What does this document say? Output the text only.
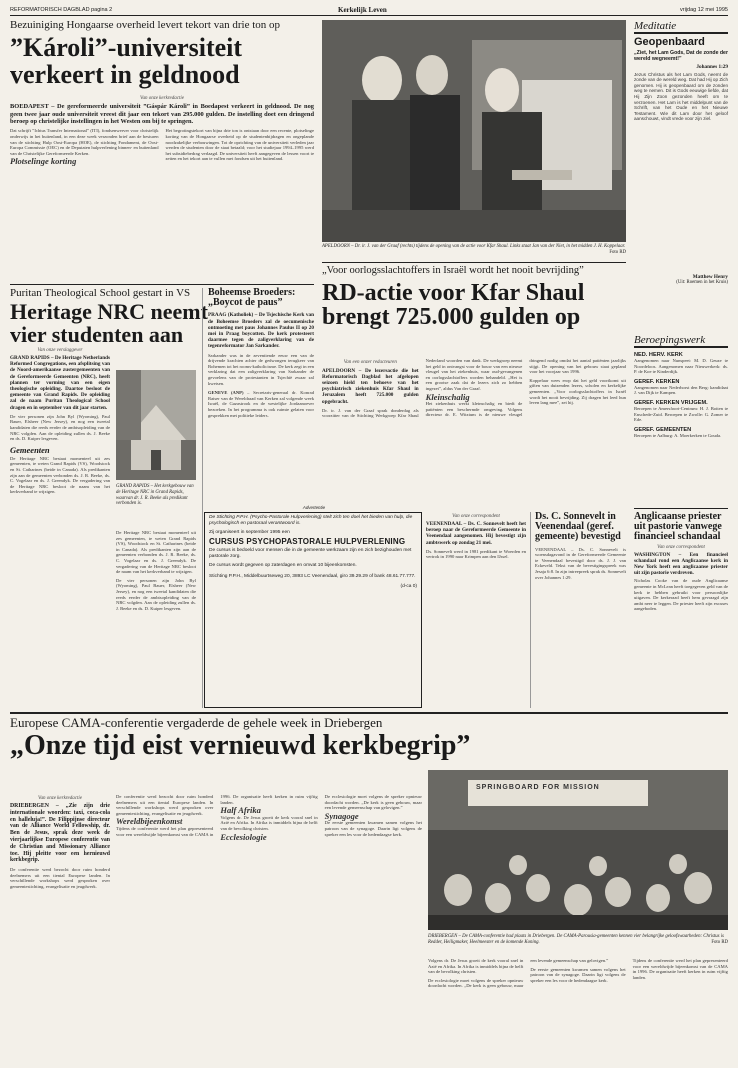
REFORMATORISCH DAGBLAD pagina 2	Kerkelijk Leven	vrijdag 12 mei 1995
Bezuiniging Hongaarse overheid levert tekort van drie ton op
”Károli”-universiteit verkeert in geldnood
Van onze kerkredactie
BOEDAPEST – De gereformeerde universiteit ”Gáspár Károli” in Boedapest verkeert in geldnood. De nog geen twee jaar oude universiteit vreest dit jaar een tekort van 295.000 gulden. De instelling doet een dringend beroep op christelijke instellingen in het Westen om bij te springen.

Dat schrijft ”Ichtus Transfer International” (ITI), fondsenwerver voor christelijk onderwijs in het buitenland, in een deze week verzonden brief aan de besturen van de stichting Hulp Oost-Europa (HOE), de stichting Fondament, de Oost-Europa Commissie (OEC) en de Deputaten hulpverlening binnen- en buitenland van de Christelijke Gereformeerde Kerken.

Plotselinge korting

Het begrotingstekort van bijna drie ton is ontstaan door een recente, plotselinge korting van de Hongaarse overheid op de studentenbijdragen en ongeplande noodzakelijke verbouwingen. Tot de oprichting van de universiteit verleden jaar werden de studenten door de staat betaald; voor het studiejaar 1994–1995 werd het subsidiebedrag verlaagd. De universiteit heeft aangegeven de lessen voort te zetten en het tekort aan te vullen met fondsen uit het buitenland.

APELDOORN – Dr. ir. J. van der Graaf (rechts) tijdens de opening van de actie voor Kfar Shaul. Links staat Jan van der Niet, in het midden J. H. Koppelaar.
Foto RD
Meditatie
Geopenbaard
„Ziet, het Lam Gods, Dat de zonde der wereld wegneemt!”
Johannes 1:29
Jezus Christus als het Lam Gods, neemt de zonde van de wereld weg. Dat had Hij op Zich genomen. Hij is geopenbaard om de zonden weg te nemen. Dit is Gods eeuwige liefde, dat Hij Zijn Zoon gezonden heeft om te verzoenen. Het Lam is het middelpunt van de Schrift, van het Oude en het Nieuwe Testament. Wie dit Lam door het geloof aanschouwt, vindt vrede voor zijn ziel.
Matthew Henry
(Uit: Roemen in het Kruis)
Beroepingswerk
NED. HERV. KERK
Aangenomen naar Nunspeet: M. D. Geuze te Noordeloos. Aangenomen naar Nieuwerkerk: ds. P. de Koe te Kinderdijk.
GEREF. KERKEN
Aangenomen naar Nederhorst den Berg: kandidaat J. van Dijk te Kampen.
GEREF. KERKEN VRIJGEM.
Beroepen te Amersfoort-Centrum: H. J. Boiten te Enschede-Zuid. Beroepen te Zwolle: G. Zomer te Ede.
GEREF. GEMEENTEN
Beroepen te Aalburg: A. Moerkerken te Gouda.
Anglicaanse priester uit pastorie vanwege financieel schandaal
Van onze correspondent
WASHINGTON – Een financieel schandaal rond een Anglicaanse kerk in New York heeft een anglicaanse priester uit zijn pastorie verdreven.
Nicholas Cooke van de oude Anglicaanse gemeente in McLean heeft toegegeven geld van de kerk te hebben gebruikt voor persoonlijke uitgaven. De kerkeraad heeft hem gevraagd zijn ambt neer te leggen. De priester heeft zijn excuses aangeboden.
Puritan Theological School gestart in VS
Heritage NRC neemt vier studenten aan
Van onze verslaggever
GRAND RAPIDS – De Heritage Netherlands Reformed Congregations, een afsplitsing van de Noord-amerikaanse zustergemeenten van de Gereformeerde Gemeenten (NRC), heeft plannen ter vorming van een eigen theologische opleiding. Daartoe besloot de gemeente van Grand Rapids. De opleiding zal de naam Puritan Theological School dragen en in september van dit jaar starten.
De vier personen zijn John Byl (Wyoming), Paul Bauer, Elsheer (New Jersey), en nog een tweetal kandidaten die reeds eerder de ambtsopleiding van de NRC volgden. Aan de opleiding zullen ds. J. Beeke en ds. D. Kuiper lesgeven.
Gemeenten
De Heritage NRC bestaat momenteel uit zes gemeenten, te weten Grand Rapids (VS), Woodstock en St. Catharines (beide in Canada). Als predikanten zijn aan de gemeenten verbonden ds. J. R. Beeke, ds. C. Vogelaar en ds. J. Greendyk. De vergadering van de Heritage NRC besloot de naam van het kerkverband te wijzigen.
GRAND RAPIDS – Het kerkgebouw van de Heritage NRC in Grand Rapids, waarvan dr. J. R. Beeke als predikant verbonden is.

De Heritage NRC bestaat momenteel uit zes gemeenten, te weten Grand Rapids (VS), Woodstock en St. Catharines (beide in Canada). Als predikanten zijn aan de gemeenten verbonden ds. J. R. Beeke, ds. C. Vogelaar en ds. J. Greendyk. De vergadering van de Heritage NRC besloot de naam van het kerkverband te wijzigen.

De vier personen zijn John Byl (Wyoming), Paul Bauer, Elsheer (New Jersey), en nog een tweetal kandidaten die reeds eerder de ambtsopleiding van de NRC volgden. Aan de opleiding zullen ds. J. Beeke en ds. D. Kuiper lesgeven.

Boheemse Broeders:
„Boycot de paus”
PRAAG (Katholiek) – De Tsjechische Kerk van de Boheemse Broeders zal de oecumenische ontmoeting met paus Johannes Paulus II op 20 mei in Praag boycotten. De kerk protesteert daarmee tegen de zaligverklaring van de tegenreformator Jan Sarkander.
Sarkander was in de zeventiende eeuw een van de drijvende krachten achter de gedwongen terugkeer van Bohemen tot het rooms-katholicisme. De kerk zegt in een verklaring dat een zaligverklaring van Sarkander de gevoelens van de protestanten in Tsjechië zwaar zal kwetsen.
GENEVE (ANP) – Secretaris-generaal dr. Konrad Raiser van de Wereldraad van Kerken zal volgende week Israël, de Gazastrook en de westelijke Jordaanoever bezoeken. In het programma is ook ruimte gelaten voor gesprekken met politieke leiders.
„Voor oorlogsslachtoffers in Israël wordt het nooit bevrijding”
RD-actie voor Kfar Shaul brengt 725.000 gulden op

Van een onzer redacteuren

APELDOORN – De lezersactie die het Reformatorisch Dagblad het afgelopen seizoen hield ten behoeve van het psychiatrisch ziekenhuis Kfar Shaul in Jeruzalem heeft 725.000 gulden opgebracht.

Dr. ir. J. van der Graaf sprak donderdag als voorzitter van de Stichting Werkgroep Kfar Shaul Nederland woorden van dank. De werkgroep neemt het geld in ontvangst voor de bouw van een nieuwe vleugel van het ziekenhuis, waar oud-gevangenen en oorlogsslachtoffers worden behandeld. „Het is een grootse zaak dat de lezers zich zo hebben ingezet”, aldus Van der Graaf.

Kleinschalig

Het ziekenhuis werkt kleinschalig en biedt de patiënten een beschermde omgeving. Volgens directeur dr. E. Witztum is de nieuwe vleugel dringend nodig omdat het aantal patiënten jaarlijks stijgt. De opening van het gebouw staat gepland voor het voorjaar van 1996.

Koppelaar wees erop dat het geld voortkomt uit giften van duizenden lezers, scholen en kerkelijke gemeenten. „Voor oorlogsslachtoffers in Israël wordt het nooit bevrijding. Zij dragen het leed hun leven lang mee”, zei hij.

Advertentie
De Stichting P.P.H. (Psycho-Pastorale Hulpverlening) stelt zich ten doel het bieden van hulp, die psychologisch en pastoraal verantwoord is.
Zij organiseert in september 1995 een
CURSUS PSYCHOPASTORALE HULPVERLENING
De cursus is bedoeld voor mensen die in de gemeente werkzaam zijn en zich bezighouden met pastorale zorg.
De cursus wordt gegeven op zaterdagen en omvat 10 bijeenkomsten.
Stichting P.P.H., Middelbuurtseweg 20, 3893 LC Veenendaal, giro 39.29.29 of bank 48.61.77.777.
(d-ca 0)
Van onze correspondent
VEENENDAAL – Ds. C. Sonnevelt heeft het beroep naar de Gereformeerde Gemeente in Veenendaal aangenomen. Hij bevestigt zijn ambtswerk op zondag 21 mei.
Ds. Sonnevelt werd in 1981 predikant te Woerden en vertrok in 1990 naar Krimpen aan den IJssel.
Ds. C. Sonnevelt in Veenendaal (geref. gemeente) bevestigd
VEENENDAAL – Ds. C. Sonnevelt is woensdagavond in de Gereformeerde Gemeente te Veenendaal bevestigd door ds. J. J. van Eckeveld. Tekst van de bevestigingspreek was Jesaja 6:8. In zijn intreepreek sprak ds. Sonnevelt over Johannes 1:29.
Europese CAMA-conferentie vergaderde de gehele week in Driebergen
„Onze tijd eist vernieuwd kerkbegrip”
Van onze kerkredactie
DRIEBERGEN – „Zie zijn drie internationale woorden: taxi, coca-cola en halleluja!”. De Filippijnse directeur van de Alliance World Fellowship, dr. Ben de Jesus, sprak deze week de vierjaarlijkse Europese conferentie van de Christian and Missionary Alliance toe. Hij pleitte voor een hernieuwd kerkbegrip.
De conferentie werd bezocht door ruim honderd deelnemers uit een tiental Europese landen. In verschillende workshops werd gesproken over gemeentestichting, evangelisatie en jeugdwerk.

De conferentie werd bezocht door ruim honderd deelnemers uit een tiental Europese landen. In verschillende workshops werd gesproken over gemeentestichting, evangelisatie en jeugdwerk.

Wereldbijeenkomst

Tijdens de conferentie werd het plan gepresenteerd voor een wereldwijde bijeenkomst van de CAMA in 1996. De organisatie heeft kerken in ruim vijftig landen.

Half Afrika

Volgens dr. De Jesus groeit de kerk vooral snel in Azië en Afrika. In Afrika is inmiddels bijna de helft van de bevolking christen.

Ecclesiologie

De ecclesiologie moet volgens de spreker opnieuw doordacht worden. „De kerk is geen gebouw, maar een levende gemeenschap van gelovigen.”

Synagoge

De eerste gemeenten kwamen samen volgens het patroon van de synagoge. Daarin ligt volgens de spreker een les voor de hedendaagse kerk.

SPRINGBOARD FOR MISSION
DRIEBERGEN – De CAMA-conferentie had plaats in Driebergen. De CAMA-Parousia-gemeenten kennen vier belangrijke geloofswaarheden: Christus is Redder, Heiligmaker, Heelmeester en de komende Koning.	Foto RD

Volgens dr. De Jesus groeit de kerk vooral snel in Azië en Afrika. In Afrika is inmiddels bijna de helft van de bevolking christen.

De ecclesiologie moet volgens de spreker opnieuw doordacht worden. „De kerk is geen gebouw, maar een levende gemeenschap van gelovigen.”

De eerste gemeenten kwamen samen volgens het patroon van de synagoge. Daarin ligt volgens de spreker een les voor de hedendaagse kerk.

Tijdens de conferentie werd het plan gepresenteerd voor een wereldwijde bijeenkomst van de CAMA in 1996. De organisatie heeft kerken in ruim vijftig landen.
